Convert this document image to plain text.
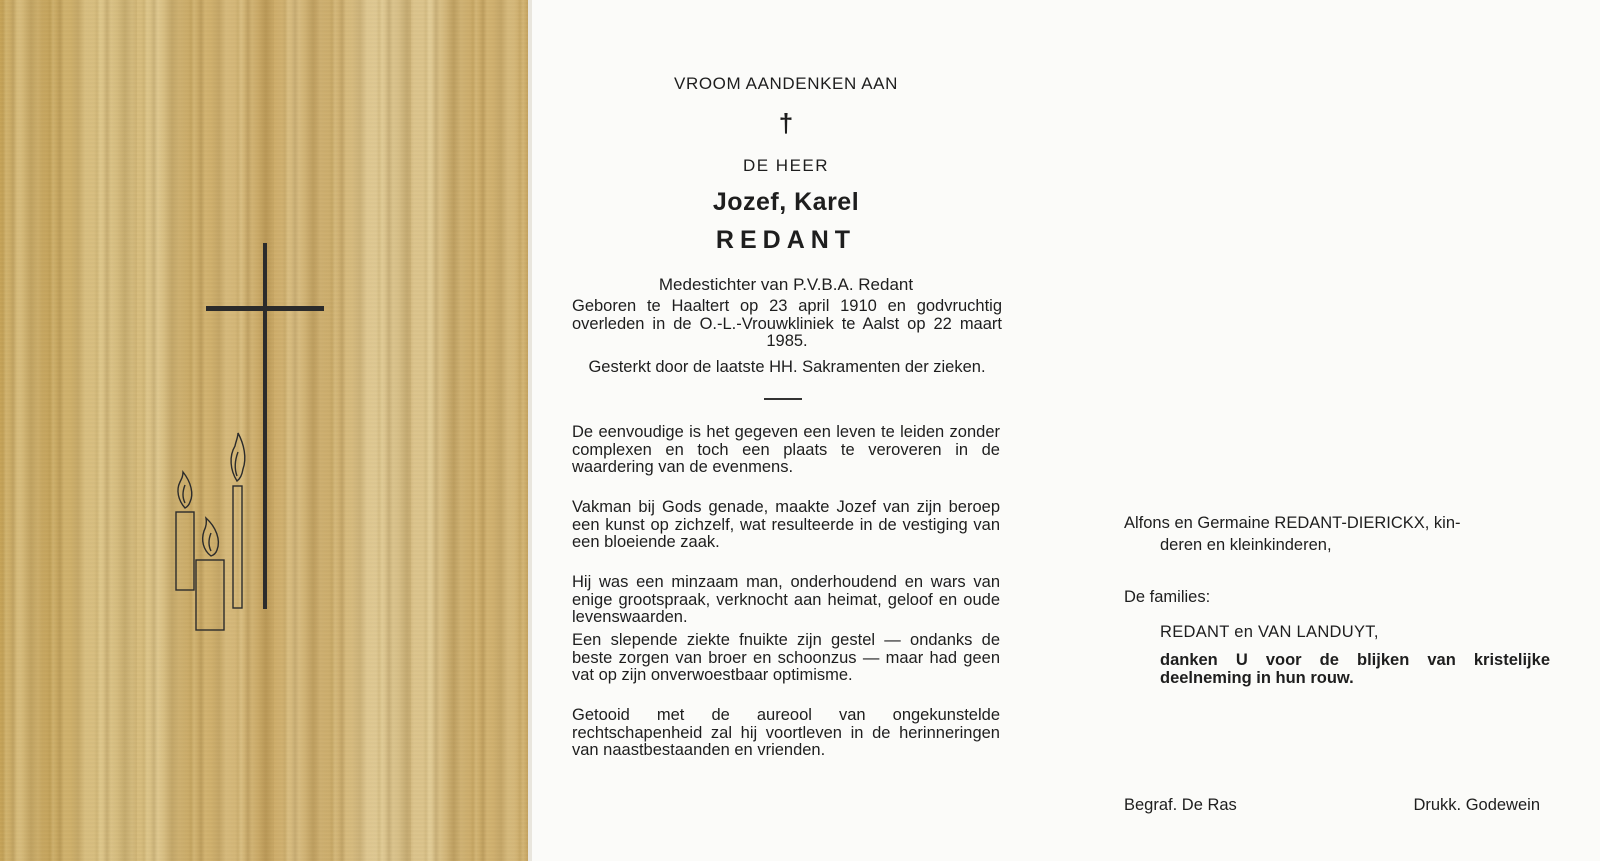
VROOM AANDENKEN AAN

†

DE HEER

Jozef, Karel

REDANT

Medestichter van P.V.B.A. Redant

Geboren te Haaltert op 23 april 1910 en godvruchtig overleden in de O.-L.-Vrouwkliniek te Aalst op 22 maart 1985.

Gesterkt door de laatste HH. Sakramenten der zieken.

De eenvoudige is het gegeven een leven te leiden zonder complexen en toch een plaats te veroveren in de waardering van de evenmens.

Vakman bij Gods genade, maakte Jozef van zijn beroep een kunst op zichzelf, wat resulteerde in de vestiging van een bloeiende zaak.

Hij was een minzaam man, onderhoudend en wars van enige grootspraak, verknocht aan heimat, geloof en oude levenswaarden.

Een slepende ziekte fnuikte zijn gestel — ondanks de beste zorgen van broer en schoonzus — maar had geen vat op zijn onverwoestbaar optimisme.

Getooid met de aureool van ongekunstelde rechtschapenheid zal hij voortleven in de herinneringen van naastbestaanden en vrienden.

Alfons en Germaine REDANT-DIERICKX, kin-
deren en kleinkinderen,

De families:

REDANT en VAN LANDUYT,

danken U voor de blijken van kristelijke deelneming in hun rouw.

Begraf. De Ras	Drukk. Godewein
